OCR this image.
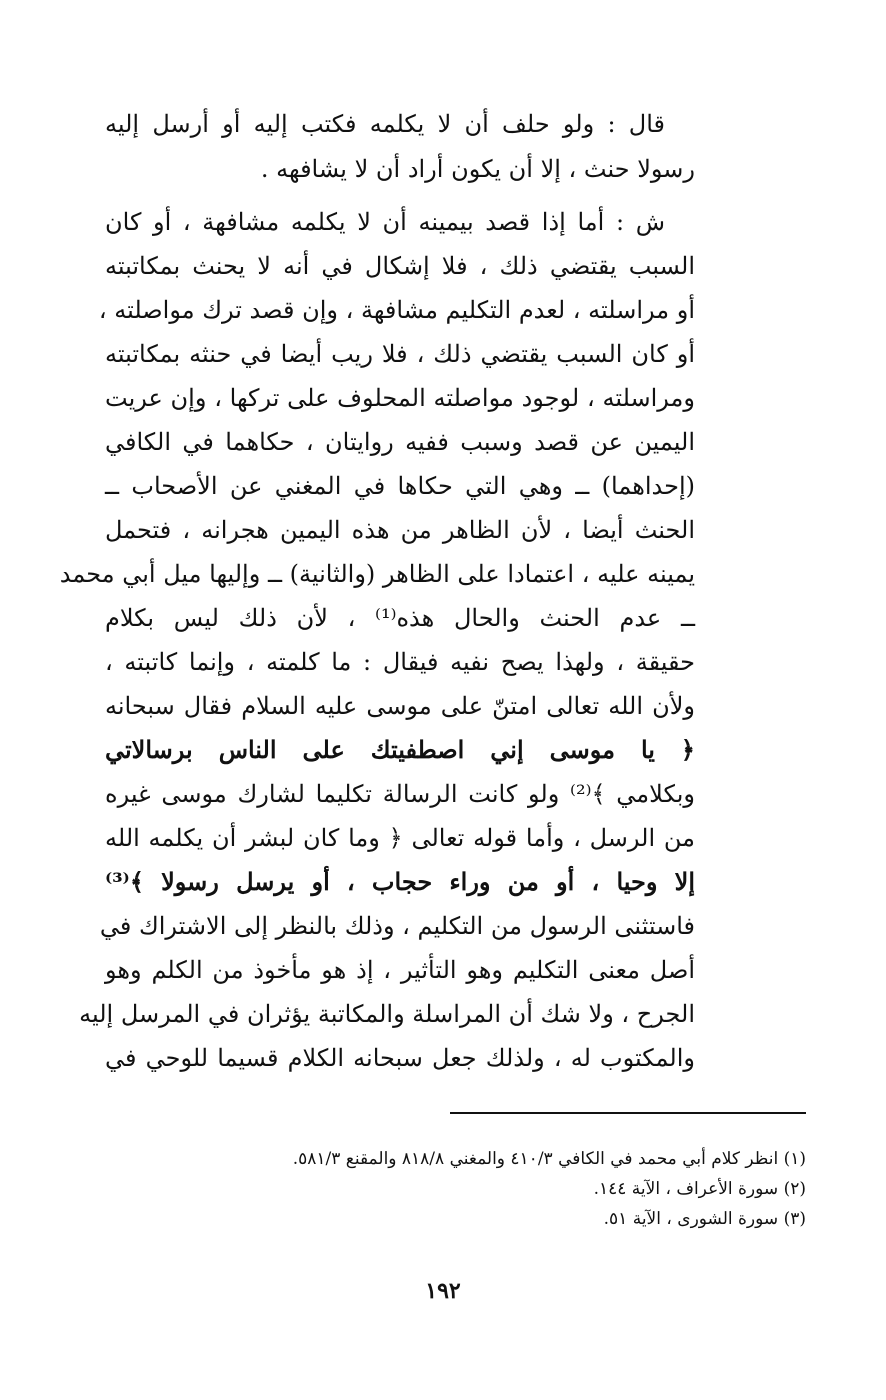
قال : ولو حلف أن لا يكلمه فكتب إليه أو أرسل إليه
رسولا حنث ، إلا أن يكون أراد أن لا يشافهه .
ش : أما إذا قصد بيمينه أن لا يكلمه مشافهة ، أو كان
السبب يقتضي ذلك ، فلا إشكال في أنه لا يحنث بمكاتبته
أو مراسلته ، لعدم التكليم مشافهة ، وإن قصد ترك مواصلته ،
أو كان السبب يقتضي ذلك ، فلا ريب أيضا في حنثه بمكاتبته
ومراسلته ، لوجود مواصلته المحلوف على تركها ، وإن عريت
اليمين عن قصد وسبب ففيه روايتان ، حكاهما في الكافي
(إحداهما) ــ وهي التي حكاها في المغني عن الأصحاب ــ
الحنث أيضا ، لأن الظاهر من هذه اليمين هجرانه ، فتحمل
يمينه عليه ، اعتمادا على الظاهر (والثانية) ــ وإليها ميل أبي محمد
ــ عدم الحنث والحال هذه⁽¹⁾ ، لأن ذلك ليس بكلام
حقيقة ، ولهذا يصح نفيه فيقال : ما كلمته ، وإنما كاتبته ،
ولأن الله تعالى امتنّ على موسى عليه السلام فقال سبحانه
﴿ يا موسى إني اصطفيتك على الناس برسالاتي
وبكلامي ﴾⁽²⁾ ولو كانت الرسالة تكليما لشارك موسى غيره
من الرسل ، وأما قوله تعالى ﴿ وما كان لبشر أن يكلمه الله
إلا وحيا ، أو من وراء حجاب ، أو يرسل رسولا ﴾⁽³⁾
فاستثنى الرسول من التكليم ، وذلك بالنظر إلى الاشتراك في
أصل معنى التكليم وهو التأثير ، إذ هو مأخوذ من الكلم وهو
الجرح ، ولا شك أن المراسلة والمكاتبة يؤثران في المرسل إليه
والمكتوب له ، ولذلك جعل سبحانه الكلام قسيما للوحي في
(١) انظر كلام أبي محمد في الكافي ٤١٠/٣ والمغني ٨١٨/٨ والمقنع ٥٨١/٣.
(٢) سورة الأعراف ، الآية ١٤٤.
(٣) سورة الشورى ، الآية ٥١.
١٩٢
